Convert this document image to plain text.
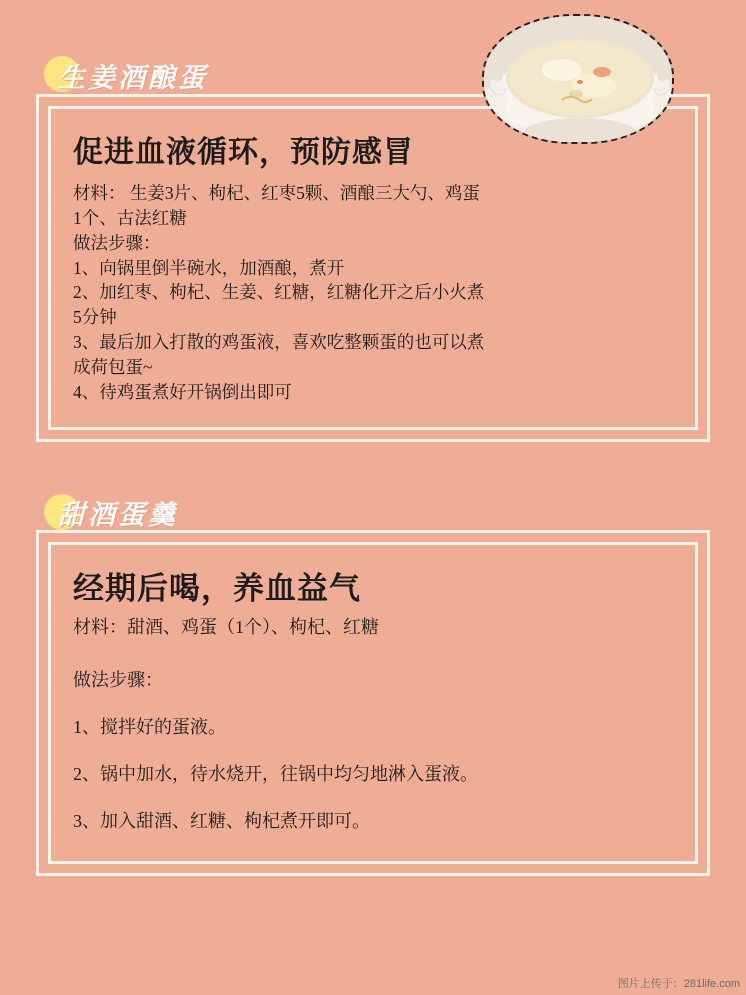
生姜酒酿蛋
促进血液循环，预防感冒

材料： 生姜3片、枸杞、红枣5颗、酒酿三大勺、鸡蛋

1个、古法红糖

做法步骤：

1、向锅里倒半碗水，加酒酿，煮开

2、加红枣、枸杞、生姜、红糖，红糖化开之后小火煮

5分钟

3、最后加入打散的鸡蛋液，喜欢吃整颗蛋的也可以煮

成荷包蛋~

4、待鸡蛋煮好开锅倒出即可

甜酒蛋羹
经期后喝，养血益气

材料：甜酒、鸡蛋（1个）、枸杞、红糖

做法步骤：

1、搅拌好的蛋液。

2、锅中加水，待水烧开，往锅中均匀地淋入蛋液。

3、加入甜酒、红糖、枸杞煮开即可。

图片上传于：281life.com
